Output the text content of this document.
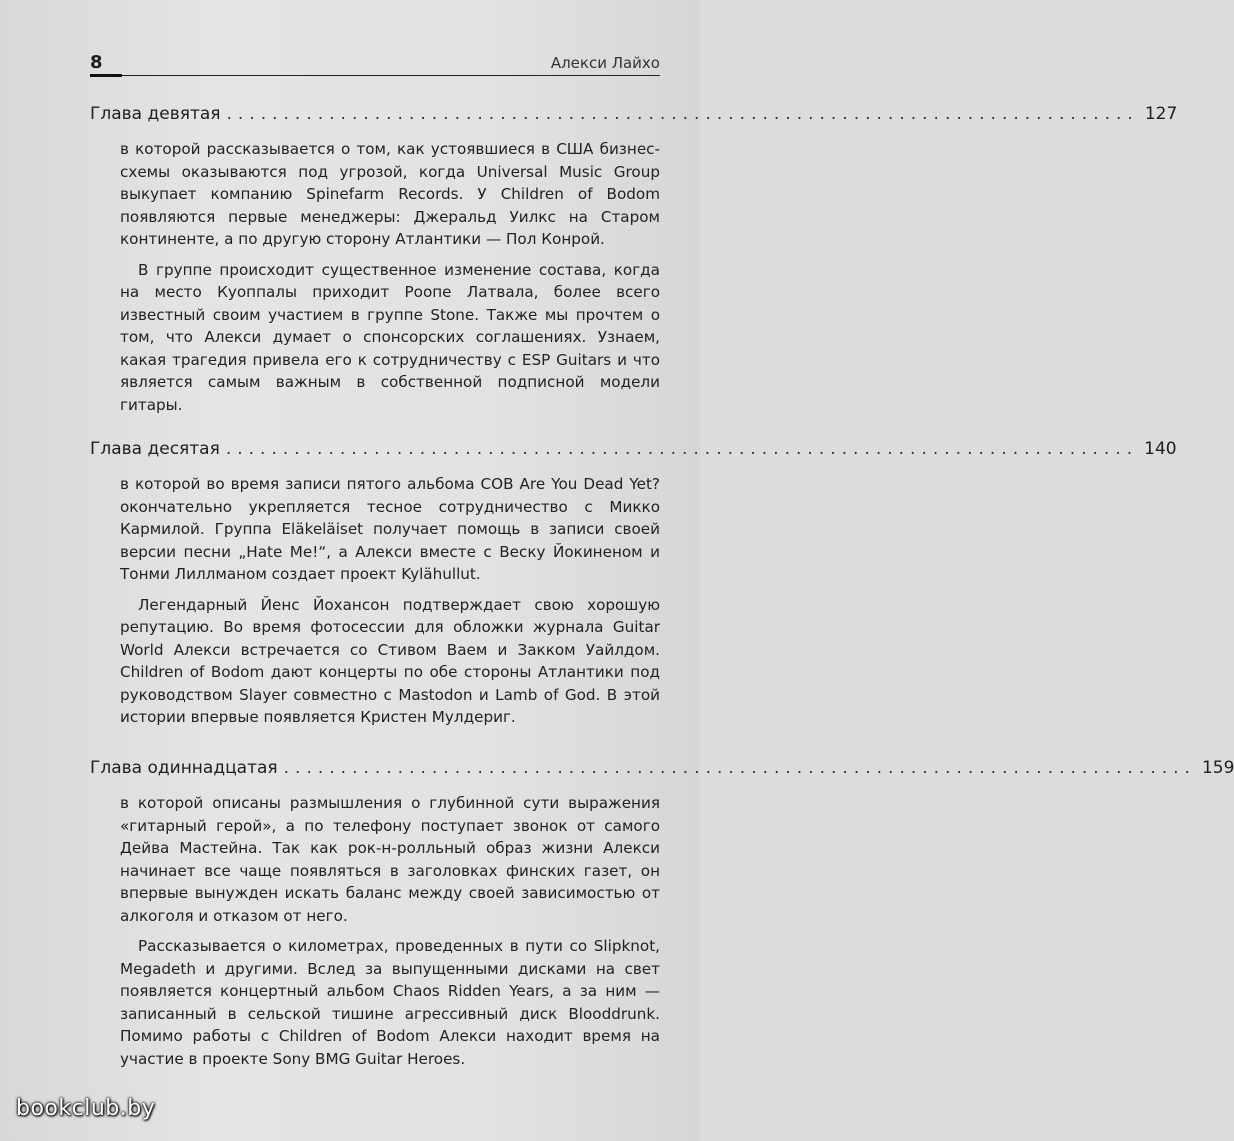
8	Алекси Лайхо
Глава девятая ................................................................................ 127

в которой рассказывается о том, как устоявшиеся в США бизнес-схемы оказываются под угрозой, когда Universal Music Group выкупает компанию Spinefarm Records. У Children of Bodom появляются первые менеджеры: Джеральд Уилкс на Старом континенте, а по другую сторону Атлантики — Пол Конрой.

В группе происходит существенное изменение состава, когда на место Куоппалы приходит Роопе Латвала, более всего известный своим участием в группе Stone. Также мы прочтем о том, что Алекси думает о спонсорских соглашениях. Узнаем, какая трагедия привела его к сотрудничеству с ESP Guitars и что является самым важным в собственной подписной модели гитары.

Глава десятая ................................................................................ 140

в которой во время записи пятого альбома COB Are You Dead Yet? окончательно укрепляется тесное сотрудничество с Микко Кармилой. Группа Eläkeläiset получает помощь в записи своей версии песни „Hate Me!“, а Алекси вместе с Веску Йокиненом и Тонми Лиллманом создает проект Kylähullut.

Легендарный Йенс Йохансон подтверждает свою хорошую репутацию. Во время фотосессии для обложки журнала Guitar World Алекси встречается со Стивом Ваем и Закком Уайлдом. Children of Bodom дают концерты по обе стороны Атлантики под руководством Slayer совместно с Mastodon и Lamb of God. В этой истории впервые появляется Кристен Мулдериг.

Глава одиннадцатая ................................................................................ 159

в которой описаны размышления о глубинной сути выражения «гитарный герой», а по телефону поступает звонок от самого Дейва Мастейна. Так как рок-н-ролльный образ жизни Алекси начинает все чаще появляться в заголовках финских газет, он впервые вынужден искать баланс между своей зависимостью от алкоголя и отказом от него.

Рассказывается о километрах, проведенных в пути со Slipknot, Megadeth и другими. Вслед за выпущенными дисками на свет появляется концертный альбом Chaos Ridden Years, а за ним — записанный в сельской тишине агрессивный диск Blooddrunk. Помимо работы с Children of Bodom Алекси находит время на участие в проекте Sony BMG Guitar Heroes.

bookclub.by
